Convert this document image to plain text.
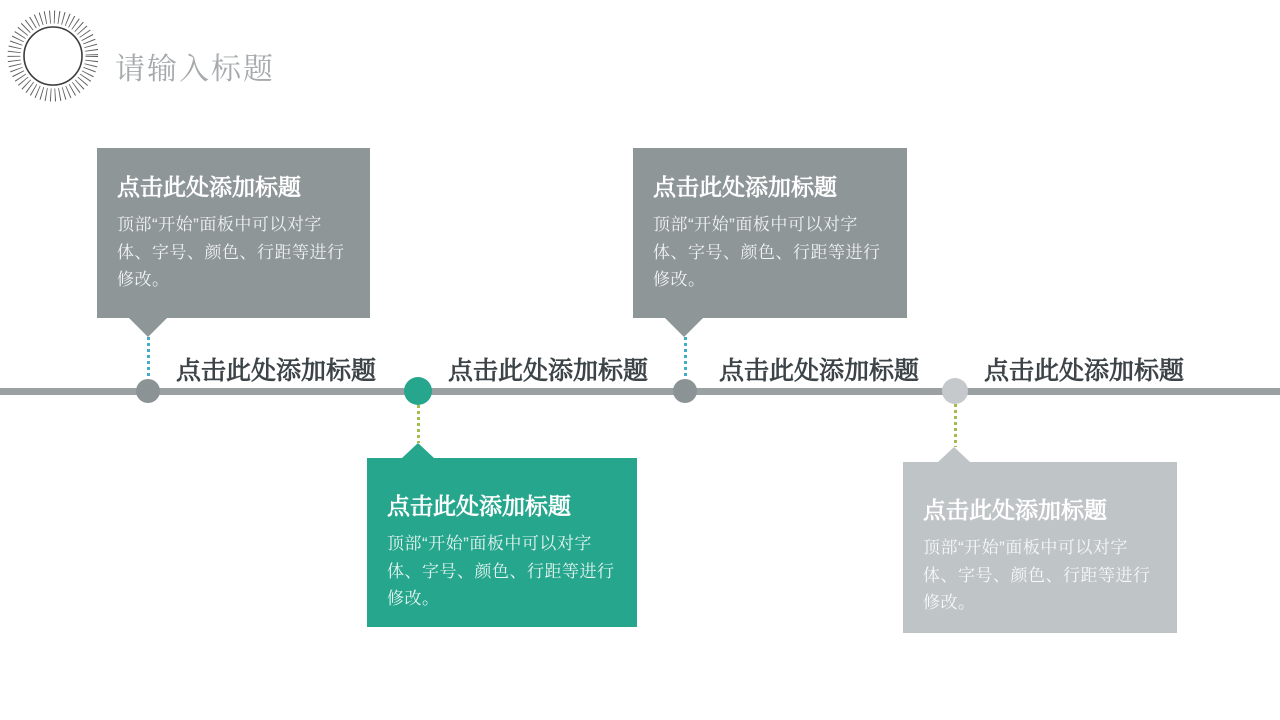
请输入标题
点击此处添加标题	点击此处添加标题	点击此处添加标题	点击此处添加标题
点击此处添加标题

顶部“开始”面板中可以对字体、字号、颜色、行距等进行修改。

点击此处添加标题

顶部“开始”面板中可以对字体、字号、颜色、行距等进行修改。

点击此处添加标题

顶部“开始”面板中可以对字体、字号、颜色、行距等进行修改。

点击此处添加标题

顶部“开始”面板中可以对字体、字号、颜色、行距等进行修改。
